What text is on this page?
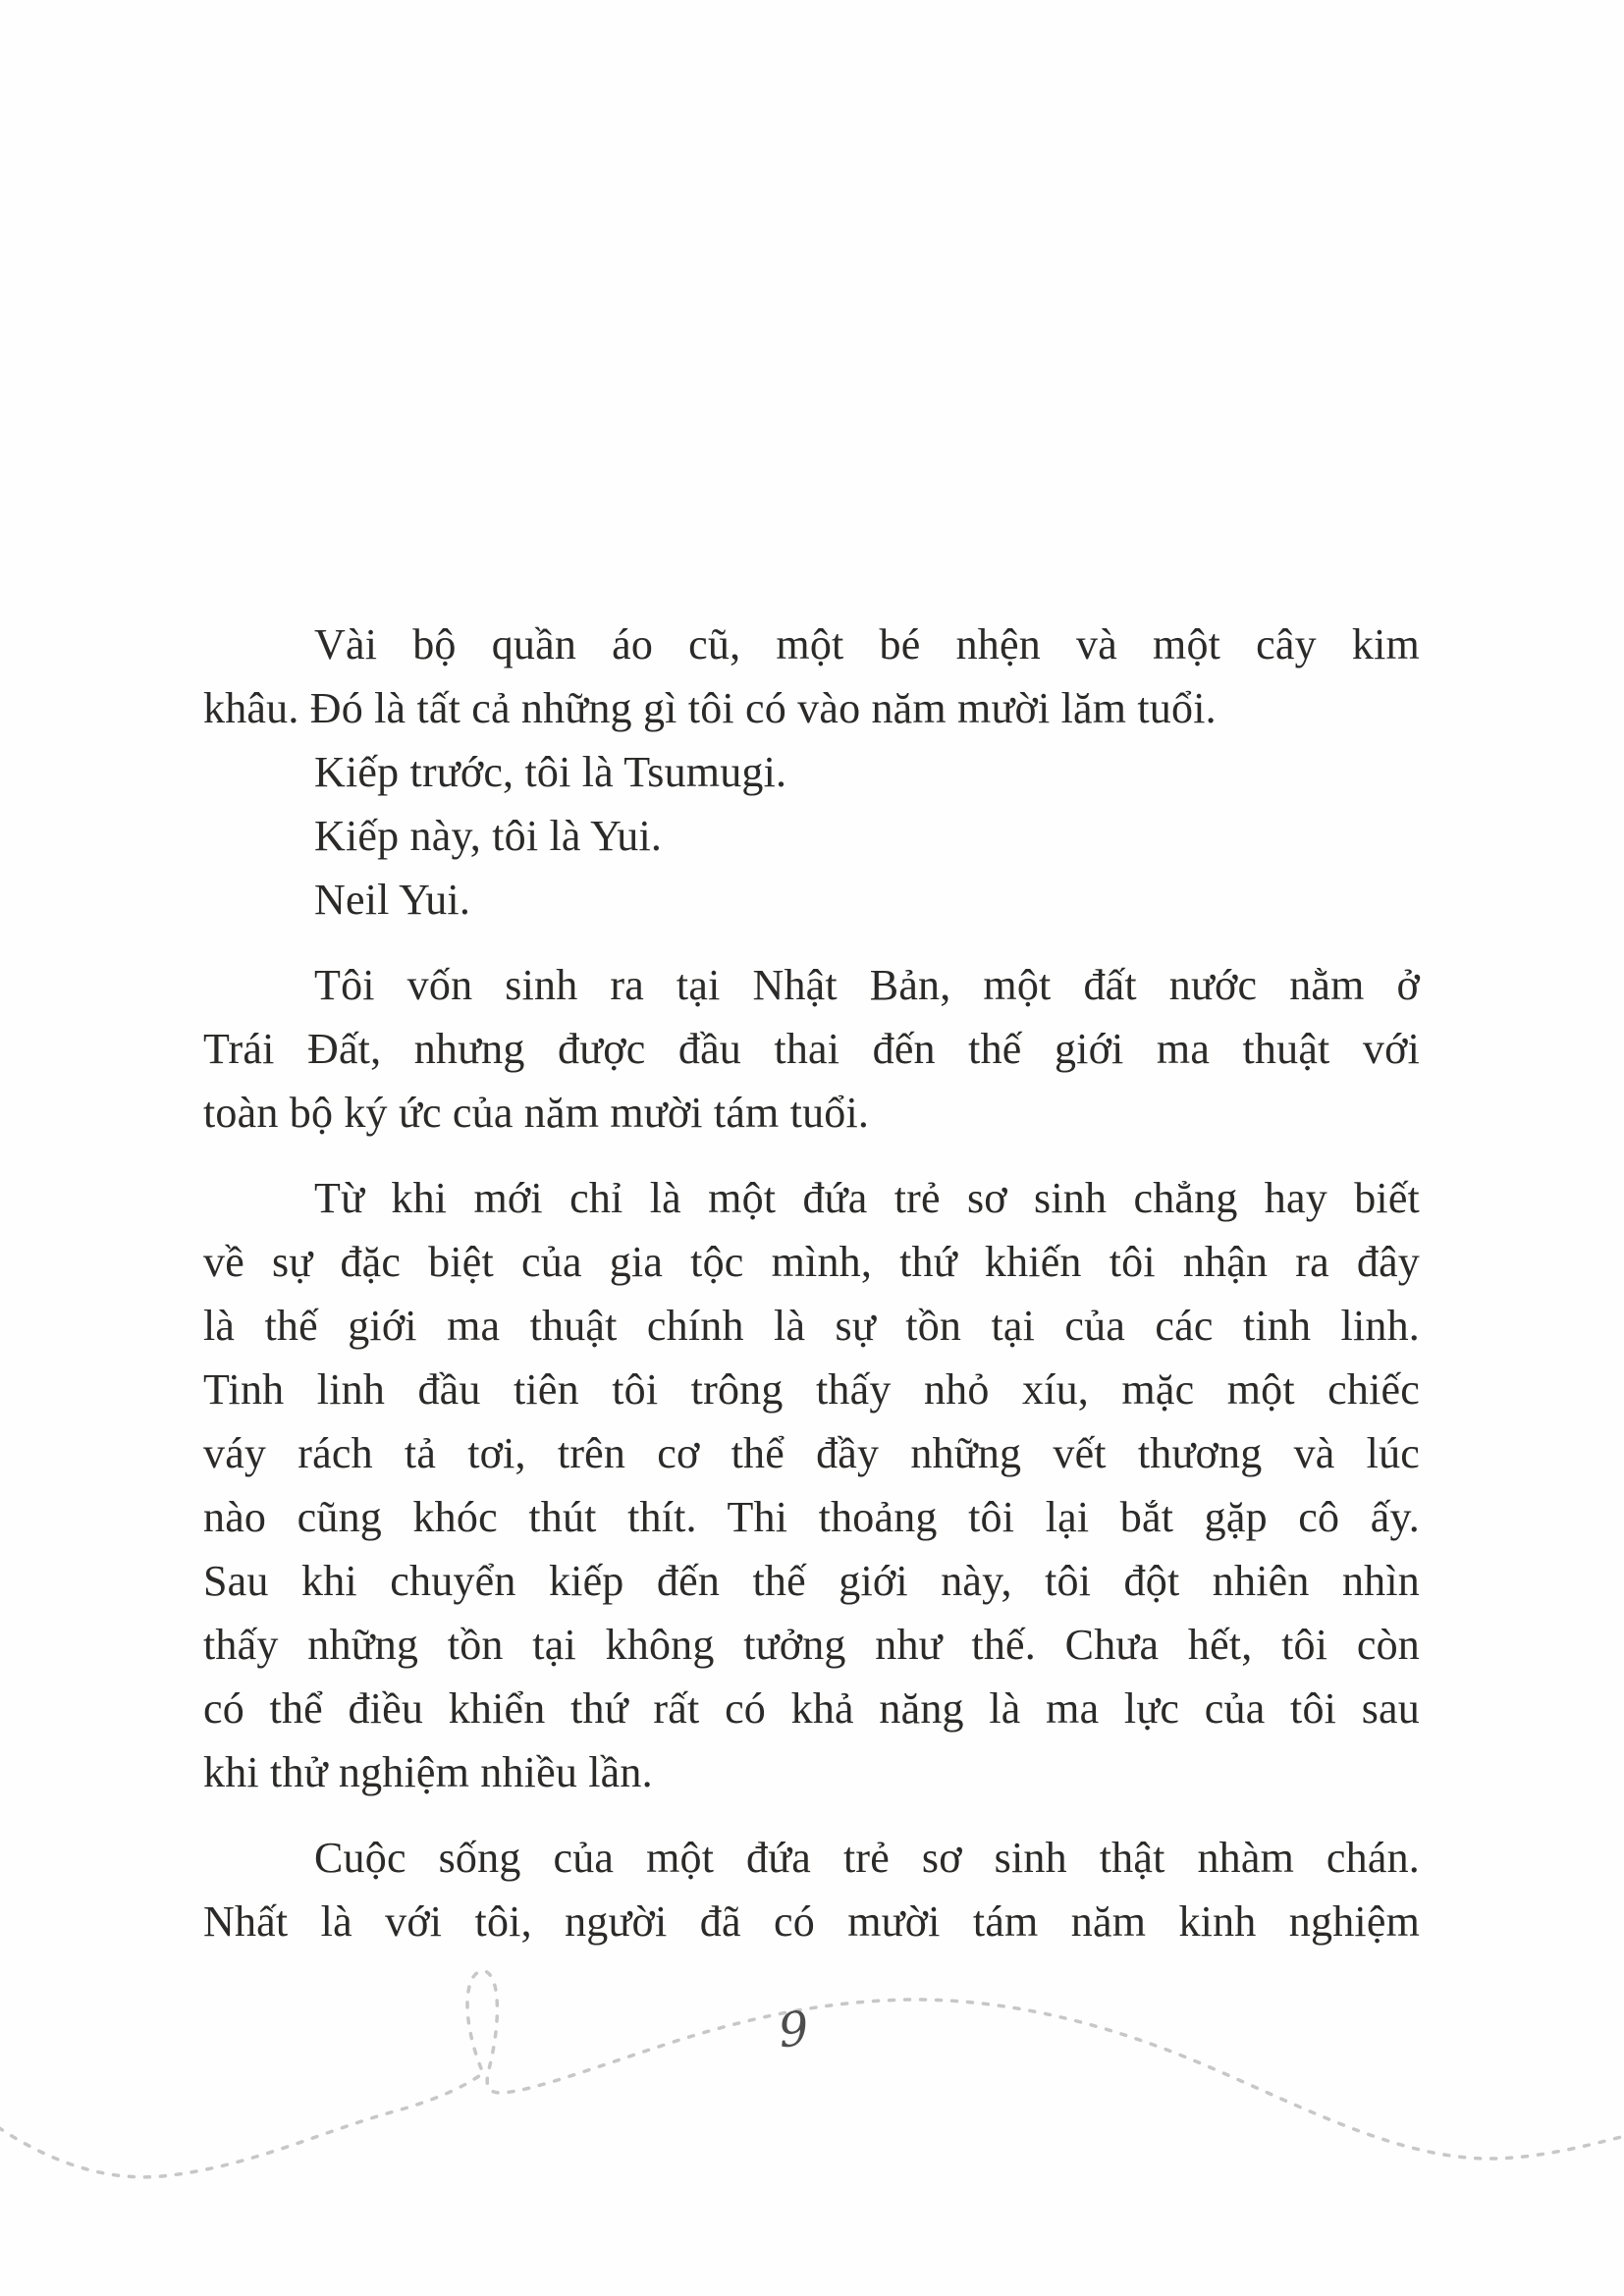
Vài bộ quần áo cũ, một bé nhện và một cây kim
khâu. Đó là tất cả những gì tôi có vào năm mười lăm tuổi.
Kiếp trước, tôi là Tsumugi.
Kiếp này, tôi là Yui.
Neil Yui.
Tôi vốn sinh ra tại Nhật Bản, một đất nước nằm ở
Trái Đất, nhưng được đầu thai đến thế giới ma thuật với
toàn bộ ký ức của năm mười tám tuổi.
Từ khi mới chỉ là một đứa trẻ sơ sinh chẳng hay biết
về sự đặc biệt của gia tộc mình, thứ khiến tôi nhận ra đây
là thế giới ma thuật chính là sự tồn tại của các tinh linh.
Tinh linh đầu tiên tôi trông thấy nhỏ xíu, mặc một chiếc
váy rách tả tơi, trên cơ thể đầy những vết thương và lúc
nào cũng khóc thút thít. Thi thoảng tôi lại bắt gặp cô ấy.
Sau khi chuyển kiếp đến thế giới này, tôi đột nhiên nhìn
thấy những tồn tại không tưởng như thế. Chưa hết, tôi còn
có thể điều khiển thứ rất có khả năng là ma lực của tôi sau
khi thử nghiệm nhiều lần.
Cuộc sống của một đứa trẻ sơ sinh thật nhàm chán.
Nhất là với tôi, người đã có mười tám năm kinh nghiệm
9
